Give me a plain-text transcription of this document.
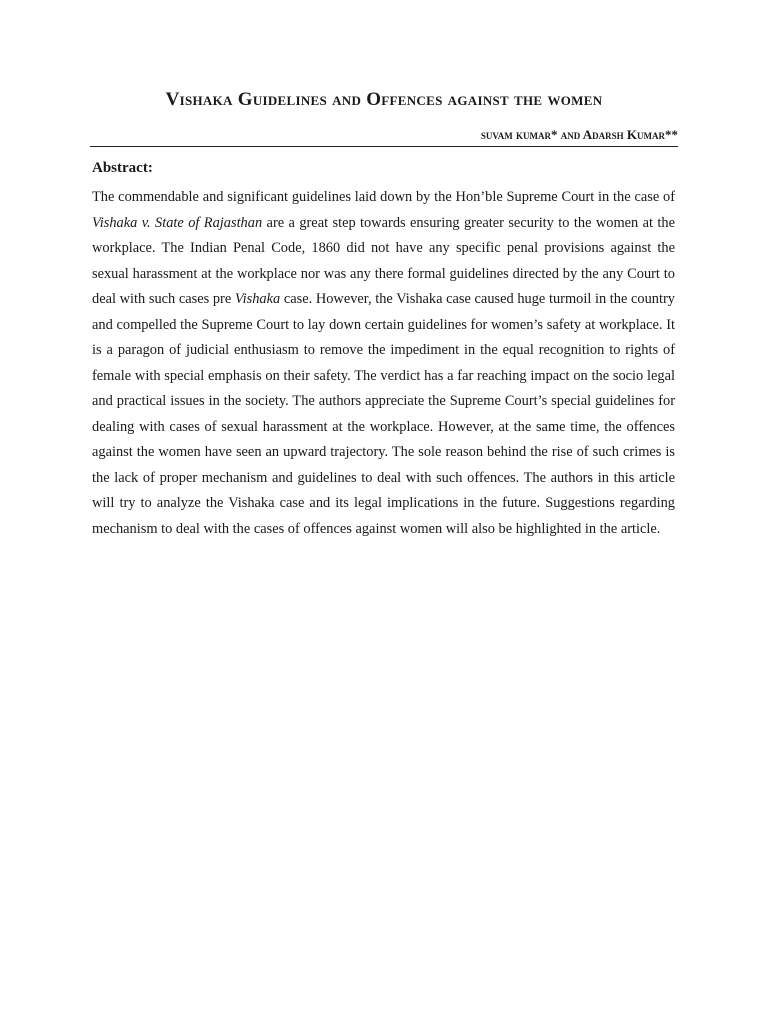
Vishaka Guidelines and Offences against the women

suvam kumar* and Adarsh Kumar**

Abstract:

The commendable and significant guidelines laid down by the Hon’ble Supreme Court in the case of Vishaka v. State of Rajasthan are a great step towards ensuring greater security to the women at the workplace. The Indian Penal Code, 1860 did not have any specific penal provisions against the sexual harassment at the workplace nor was any there formal guidelines directed by the any Court to deal with such cases pre Vishaka case. However, the Vishaka case caused huge turmoil in the country and compelled the Supreme Court to lay down certain guidelines for women’s safety at workplace. It is a paragon of judicial enthusiasm to remove the impediment in the equal recognition to rights of female with special emphasis on their safety. The verdict has a far reaching impact on the socio legal and practical issues in the society. The authors appreciate the Supreme Court’s special guidelines for dealing with cases of sexual harassment at the workplace. However, at the same time, the offences against the women have seen an upward trajectory. The sole reason behind the rise of such crimes is the lack of proper mechanism and guidelines to deal with such offences. The authors in this article will try to analyze the Vishaka case and its legal implications in the future. Suggestions regarding mechanism to deal with the cases of offences against women will also be highlighted in the article.
